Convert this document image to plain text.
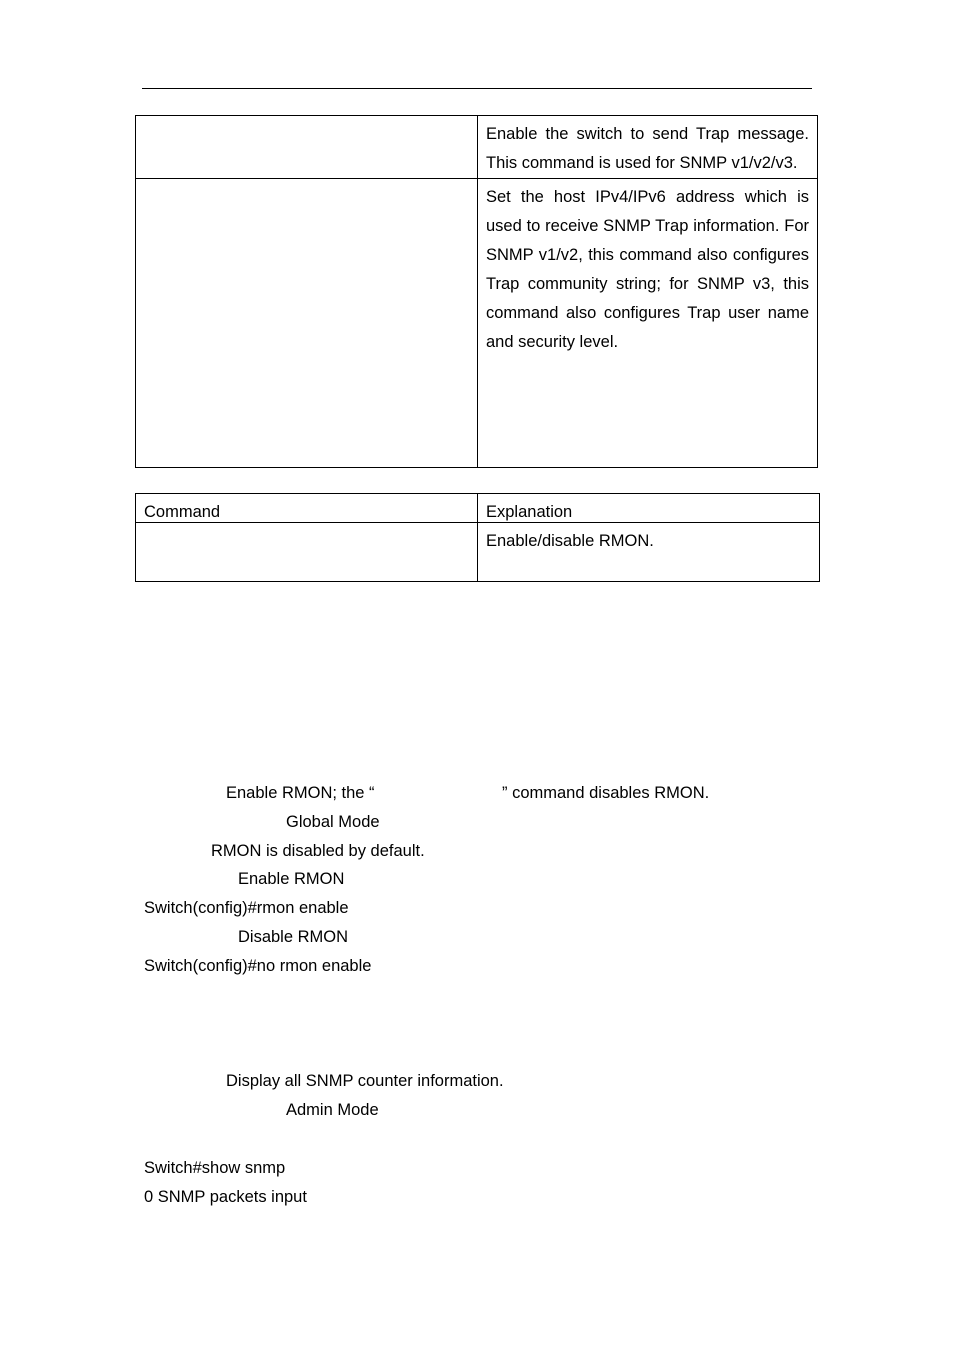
	Enable the switch to send Trap message. This command is used for SNMP v1/v2/v3.
	Set the host IPv4/IPv6 address which is used to receive SNMP Trap information. For SNMP v1/v2, this command also configures Trap community string; for SNMP v3, this command also configures Trap user name and security level.
Command	Explanation
	Enable/disable RMON.
Enable RMON; the “	” command disables RMON.
Global Mode
RMON is disabled by default.
Enable RMON
Switch(config)#rmon enable
Disable RMON
Switch(config)#no rmon enable
Display all SNMP counter information.
Admin Mode
Switch#show snmp
0 SNMP packets input
